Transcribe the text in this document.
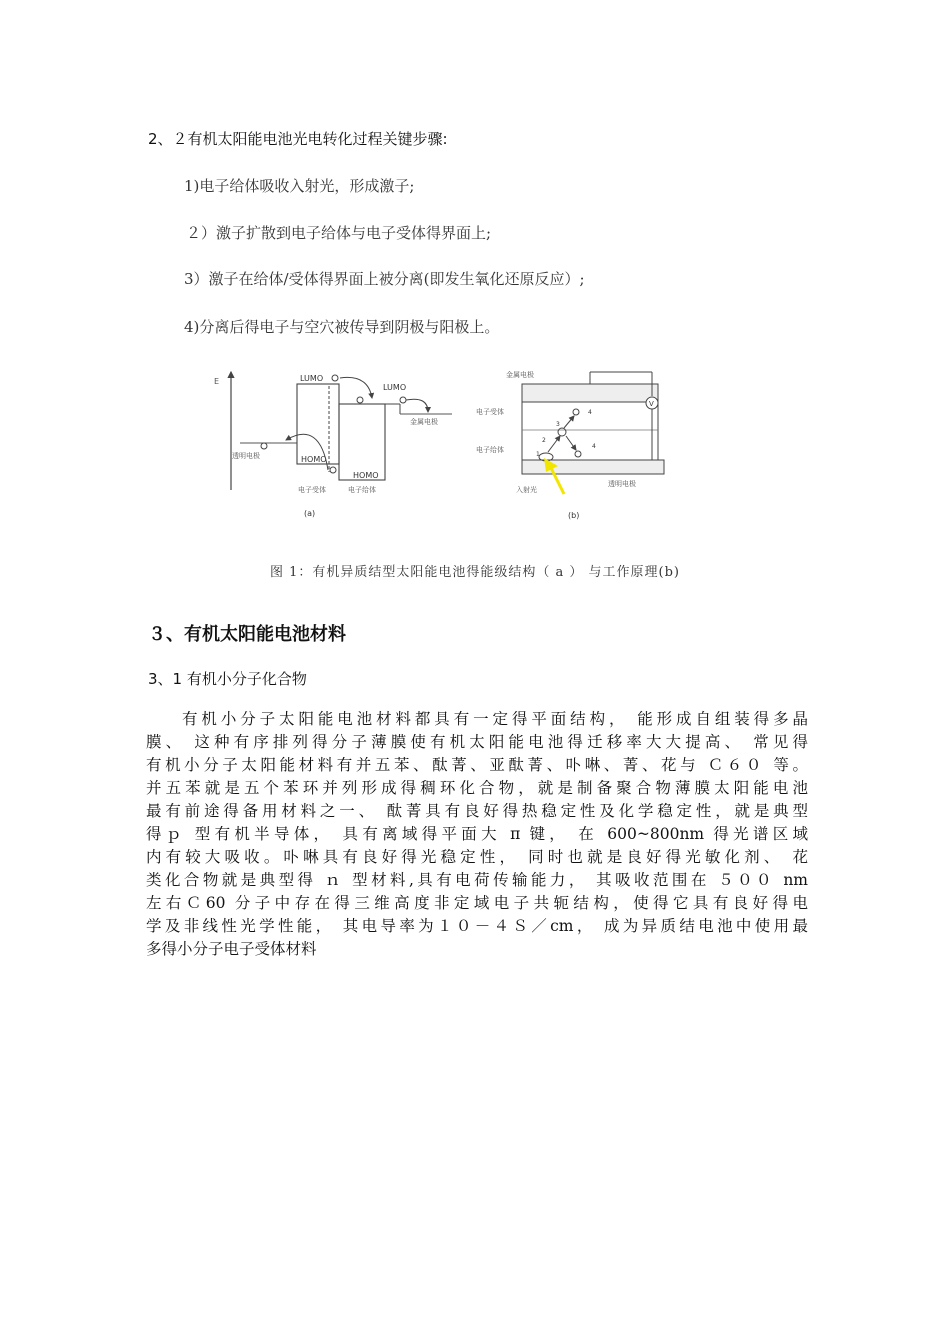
2、２有机太阳能电池光电转化过程关键步骤:
1)电子给体吸收入射光，形成激子;
２）激子扩散到电子给体与电子受体得界面上;
3）激子在给体/受体得界面上被分离(即发生氧化还原反应）;
4)分离后得电子与空穴被传导到阴极与阳极上。
E	LUMO
LUMO
HOMO
HOMO
透明电极
金属电极
电子受体	电子给体
(a)
V
金属电极
电子受体
电子给体
透明电极
入射光
1
2
3
4
4
(b)
图 1：有机异质结型太阳能电池得能级结构（ a ） 与工作原理(b)
３、有机太阳能电池材料
3、1 有机小分子化合物
有机小分子太阳能电池材料都具有一定得平面结构， 能形成自组装得多晶
膜、 这种有序排列得分子薄膜使有机太阳能电池得迁移率大大提高、 常见得
有机小分子太阳能材料有并五苯、酞菁、亚酞菁、卟啉、菁、花与 Ｃ６０ 等。
并五苯就是五个苯环并列形成得稠环化合物，就是制备聚合物薄膜太阳能电池
最有前途得备用材料之一、 酞菁具有良好得热稳定性及化学稳定性，就是典型
得ｐ 型有机半导体， 具有离域得平面大 π 键， 在 600~800nm 得光谱区域
内有较大吸收。卟啉具有良好得光稳定性， 同时也就是良好得光敏化剂、 花
类化合物就是典型得 ｎ 型材料,具有电荷传输能力， 其吸收范围在 ５００ nm
左右Ｃ60 分子中存在得三维高度非定域电子共轭结构，使得它具有良好得电
学及非线性光学性能， 其电导率为１０－４Ｓ／cm， 成为异质结电池中使用最
多得小分子电子受体材料
